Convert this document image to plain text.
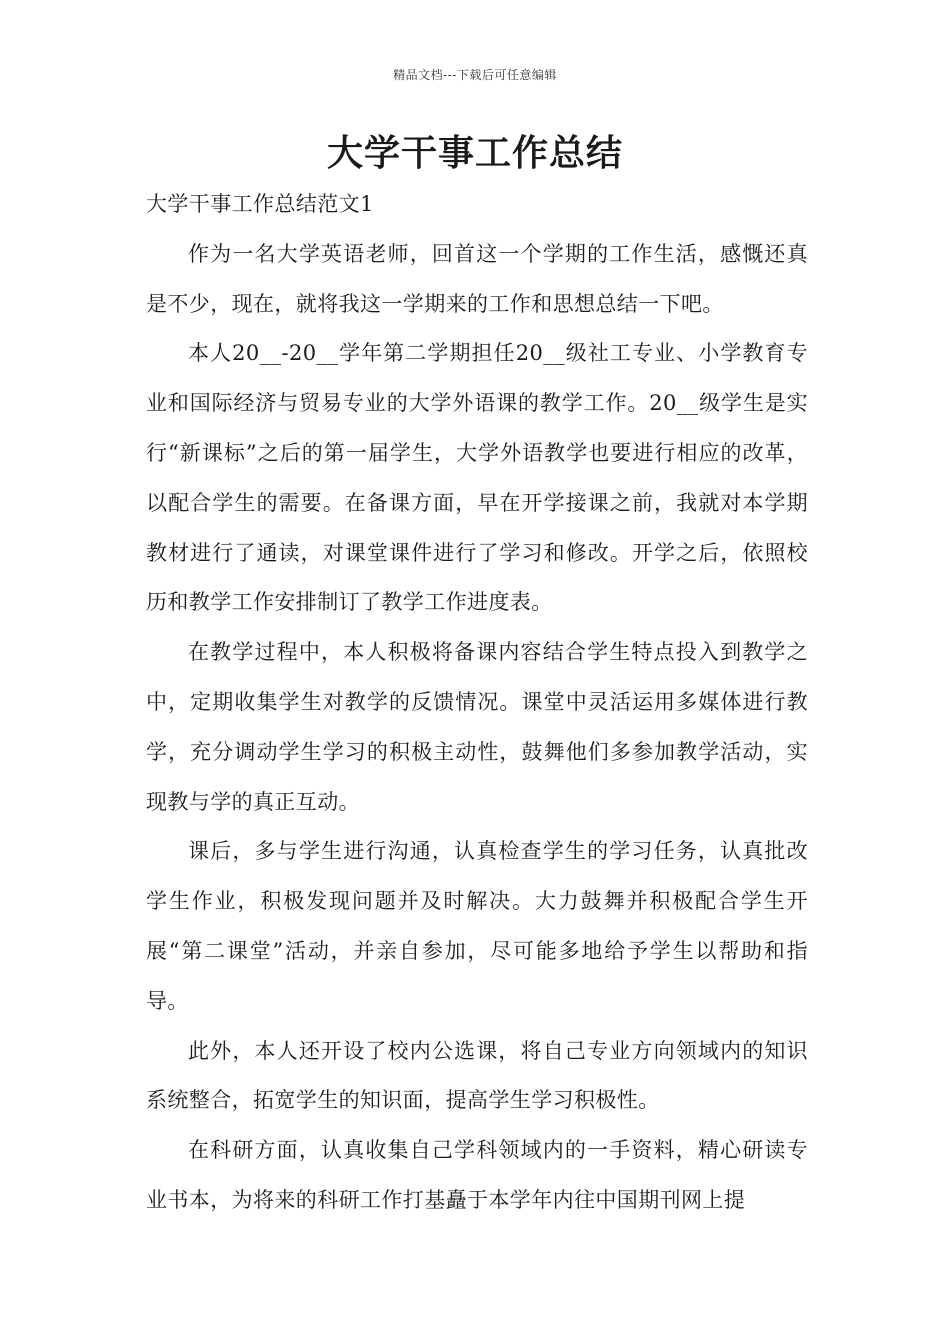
精品文档---下载后可任意编辑
大学干事工作总结

大学干事工作总结范文1

作为一名大学英语老师，回首这一个学期的工作生活，感慨还真是不少，现在，就将我这一学期来的工作和思想总结一下吧。

本人20__-20__学年第二学期担任20__级社工专业、小学教育专业和国际经济与贸易专业的大学外语课的教学工作。20__级学生是实行“新课标”之后的第一届学生，大学外语教学也要进行相应的改革，以配合学生的需要。在备课方面，早在开学接课之前，我就对本学期教材进行了通读，对课堂课件进行了学习和修改。开学之后，依照校历和教学工作安排制订了教学工作进度表。

在教学过程中，本人积极将备课内容结合学生特点投入到教学之中，定期收集学生对教学的反馈情况。课堂中灵活运用多媒体进行教学，充分调动学生学习的积极主动性，鼓舞他们多参加教学活动，实现教与学的真正互动。

课后，多与学生进行沟通，认真检查学生的学习任务，认真批改学生作业，积极发现问题并及时解决。大力鼓舞并积极配合学生开展“第二课堂”活动，并亲自参加，尽可能多地给予学生以帮助和指导。

此外，本人还开设了校内公选课，将自己专业方向领域内的知识系统整合，拓宽学生的知识面，提高学生学习积极性。

在科研方面，认真收集自己学科领域内的一手资料，精心研读专业书本，为将来的科研工作打基矗于本学年内往中国期刊网上提
